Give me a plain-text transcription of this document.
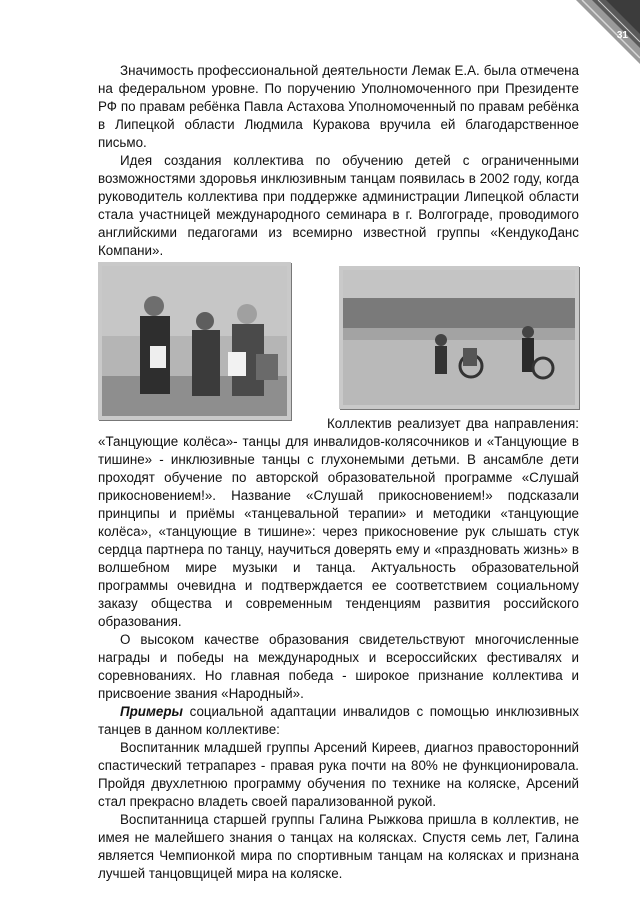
31

Значимость профессиональной деятельности Лемак Е.А. была отмечена на федеральном уровне. По поручению Уполномоченного при Президенте РФ по правам ребёнка Павла Астахова Уполномоченный по правам ребёнка в Липецкой области Людмила Куракова вручила ей благодарственное письмо.

Идея создания коллектива по обучению детей с ограниченными возможностями здоровья инклюзивным танцам появилась в 2002 году, когда руководитель коллектива при поддержке администрации Липецкой области стала участницей международного семинара в г. Волгограде, проводимого английскими педагогами из всемирно известной группы «КендукоДанс Компани».

Коллектив реализует два направления: «Танцующие колёса»- танцы для инвалидов-колясочников и «Танцующие в тишине» - инклюзивные танцы с глухонемыми детьми. В ансамбле дети проходят обучение по авторской образовательной программе «Слушай прикосновением!». Название «Слушай прикосновением!» подсказали принципы и приёмы «танцевальной терапии» и методики «танцующие колёса», «танцующие в тишине»: через прикосновение рук слышать стук сердца партнера по танцу, научиться доверять ему и «праздновать жизнь» в волшебном мире музыки и танца. Актуальность образовательной программы очевидна и подтверждается ее соответствием социальному заказу общества и современным тенденциям развития российского образования.

О высоком качестве образования свидетельствуют многочисленные награды и победы на международных и всероссийских фестивалях и соревнованиях. Но главная победа - широкое признание коллектива и присвоение звания «Народный».

Примеры социальной адаптации инвалидов с помощью инклюзивных танцев в данном коллективе:

Воспитанник младшей группы Арсений Киреев, диагноз правосторонний спастический тетрапарез - правая рука почти на 80% не функционировала. Пройдя двухлетнюю программу обучения по технике на коляске, Арсений стал прекрасно владеть своей парализованной рукой.

Воспитанница старшей группы Галина Рыжкова пришла в коллектив, не имея не малейшего знания о танцах на колясках. Спустя семь лет, Галина является Чемпионкой мира по спортивным танцам на колясках и признана лучшей танцовщицей мира на коляске.
